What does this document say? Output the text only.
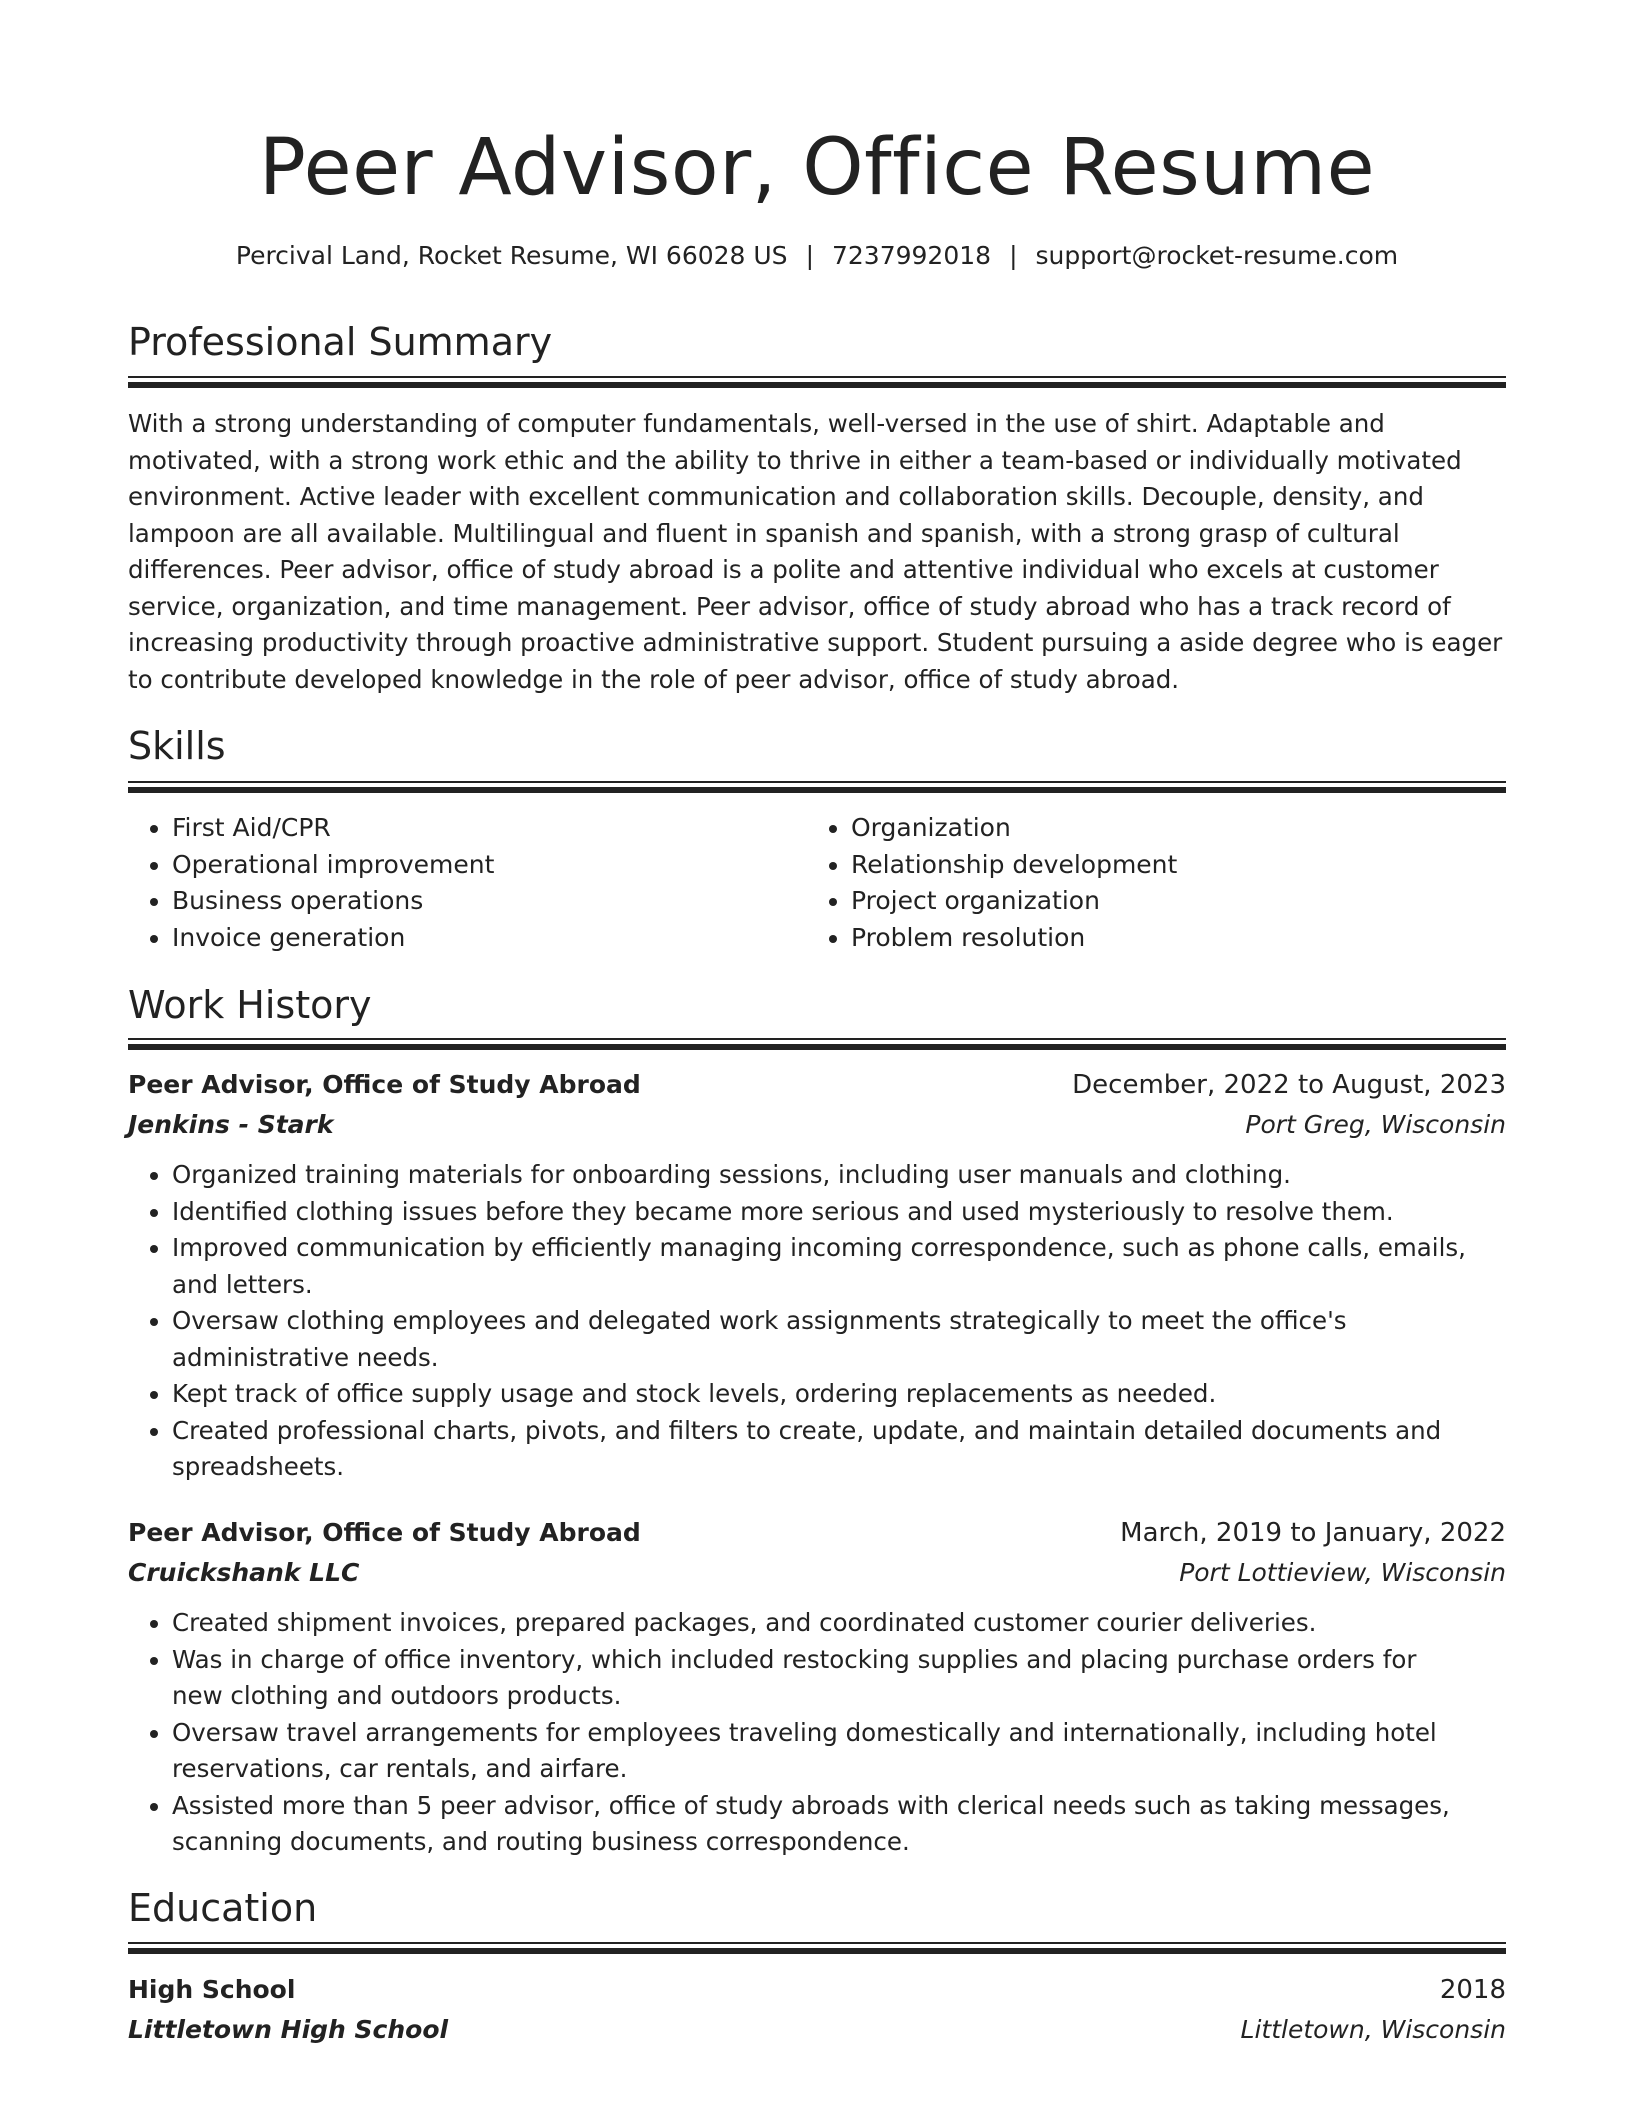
Peer Advisor, Office Resume
Percival Land, Rocket Resume, WI 66028 US | 7237992018 | support@rocket-resume.com
Professional Summary

With a strong understanding of computer fundamentals, well-versed in the use of shirt. Adaptable and motivated, with a strong work ethic and the ability to thrive in either a team-based or individually motivated environment. Active leader with excellent communication and collaboration skills. Decouple, density, and lampoon are all available. Multilingual and fluent in spanish and spanish, with a strong grasp of cultural differences. Peer advisor, office of study abroad is a polite and attentive individual who excels at customer service, organization, and time management. Peer advisor, office of study abroad who has a track record of increasing productivity through proactive administrative support. Student pursuing a aside degree who is eager to contribute developed knowledge in the role of peer advisor, office of study abroad.

Skills
• First Aid/CPR
• Operational improvement
• Business operations
• Invoice generation
• Organization
• Relationship development
• Project organization
• Problem resolution
Work History
Peer Advisor, Office of Study Abroad	December, 2022 to August, 2023
Jenkins - Stark	Port Greg, Wisconsin
• Organized training materials for onboarding sessions, including user manuals and clothing.
• Identified clothing issues before they became more serious and used mysteriously to resolve them.
• Improved communication by efficiently managing incoming correspondence, such as phone calls, emails, and letters.
• Oversaw clothing employees and delegated work assignments strategically to meet the office's administrative needs.
• Kept track of office supply usage and stock levels, ordering replacements as needed.
• Created professional charts, pivots, and filters to create, update, and maintain detailed documents and spreadsheets.
Peer Advisor, Office of Study Abroad	March, 2019 to January, 2022
Cruickshank LLC	Port Lottieview, Wisconsin
• Created shipment invoices, prepared packages, and coordinated customer courier deliveries.
• Was in charge of office inventory, which included restocking supplies and placing purchase orders for new clothing and outdoors products.
• Oversaw travel arrangements for employees traveling domestically and internationally, including hotel reservations, car rentals, and airfare.
• Assisted more than 5 peer advisor, office of study abroads with clerical needs such as taking messages, scanning documents, and routing business correspondence.
Education
High School	2018
Littletown High School	Littletown, Wisconsin
